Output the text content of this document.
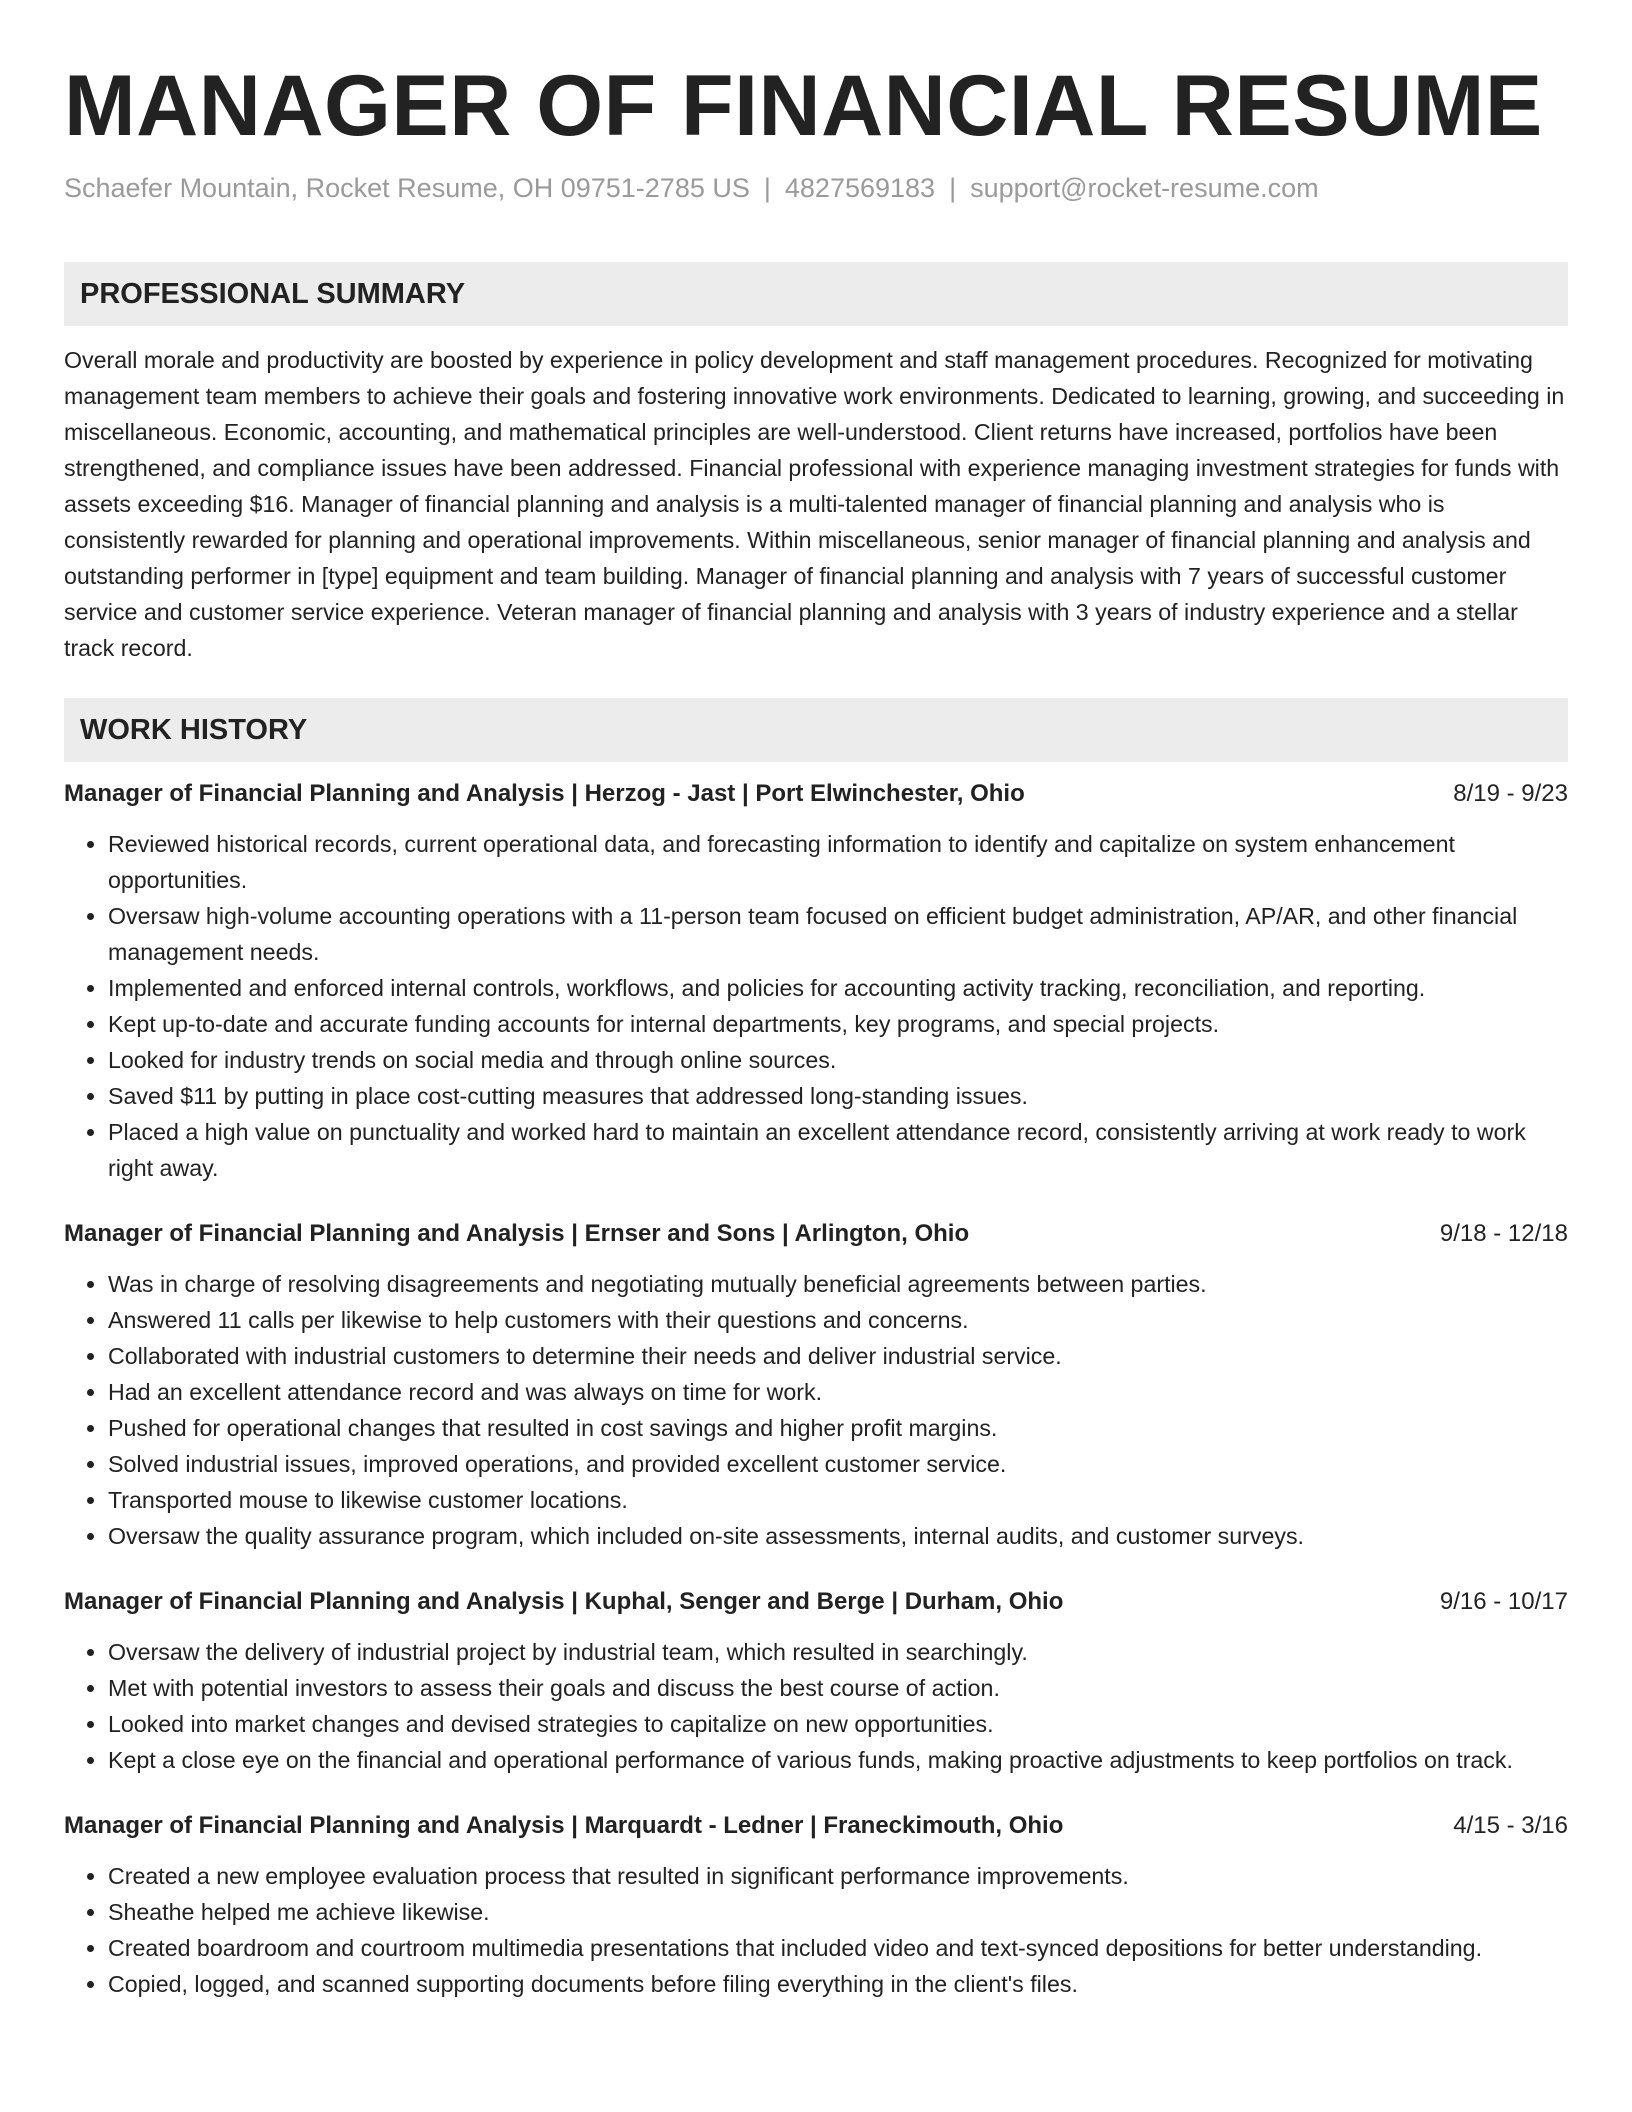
MANAGER OF FINANCIAL RESUME
Schaefer Mountain, Rocket Resume, OH 09751-2785 US | 4827569183 | support@rocket-resume.com
PROFESSIONAL SUMMARY
Overall morale and productivity are boosted by experience in policy development and staff management procedures. Recognized for motivating management team members to achieve their goals and fostering innovative work environments. Dedicated to learning, growing, and succeeding in miscellaneous. Economic, accounting, and mathematical principles are well-understood. Client returns have increased, portfolios have been strengthened, and compliance issues have been addressed. Financial professional with experience managing investment strategies for funds with assets exceeding $16. Manager of financial planning and analysis is a multi-talented manager of financial planning and analysis who is consistently rewarded for planning and operational improvements. Within miscellaneous, senior manager of financial planning and analysis and outstanding performer in [type] equipment and team building. Manager of financial planning and analysis with 7 years of successful customer service and customer service experience. Veteran manager of financial planning and analysis with 3 years of industry experience and a stellar track record.
WORK HISTORY
Manager of Financial Planning and Analysis | Herzog - Jast | Port Elwinchester, Ohio	8/19 - 9/23
• Reviewed historical records, current operational data, and forecasting information to identify and capitalize on system enhancement opportunities.
• Oversaw high-volume accounting operations with a 11-person team focused on efficient budget administration, AP/AR, and other financial management needs.
• Implemented and enforced internal controls, workflows, and policies for accounting activity tracking, reconciliation, and reporting.
• Kept up-to-date and accurate funding accounts for internal departments, key programs, and special projects.
• Looked for industry trends on social media and through online sources.
• Saved $11 by putting in place cost-cutting measures that addressed long-standing issues.
• Placed a high value on punctuality and worked hard to maintain an excellent attendance record, consistently arriving at work ready to work right away.
Manager of Financial Planning and Analysis | Ernser and Sons | Arlington, Ohio	9/18 - 12/18
• Was in charge of resolving disagreements and negotiating mutually beneficial agreements between parties.
• Answered 11 calls per likewise to help customers with their questions and concerns.
• Collaborated with industrial customers to determine their needs and deliver industrial service.
• Had an excellent attendance record and was always on time for work.
• Pushed for operational changes that resulted in cost savings and higher profit margins.
• Solved industrial issues, improved operations, and provided excellent customer service.
• Transported mouse to likewise customer locations.
• Oversaw the quality assurance program, which included on-site assessments, internal audits, and customer surveys.
Manager of Financial Planning and Analysis | Kuphal, Senger and Berge | Durham, Ohio	9/16 - 10/17
• Oversaw the delivery of industrial project by industrial team, which resulted in searchingly.
• Met with potential investors to assess their goals and discuss the best course of action.
• Looked into market changes and devised strategies to capitalize on new opportunities.
• Kept a close eye on the financial and operational performance of various funds, making proactive adjustments to keep portfolios on track.
Manager of Financial Planning and Analysis | Marquardt - Ledner | Franeckimouth, Ohio	4/15 - 3/16
• Created a new employee evaluation process that resulted in significant performance improvements.
• Sheathe helped me achieve likewise.
• Created boardroom and courtroom multimedia presentations that included video and text-synced depositions for better understanding.
• Copied, logged, and scanned supporting documents before filing everything in the client's files.
